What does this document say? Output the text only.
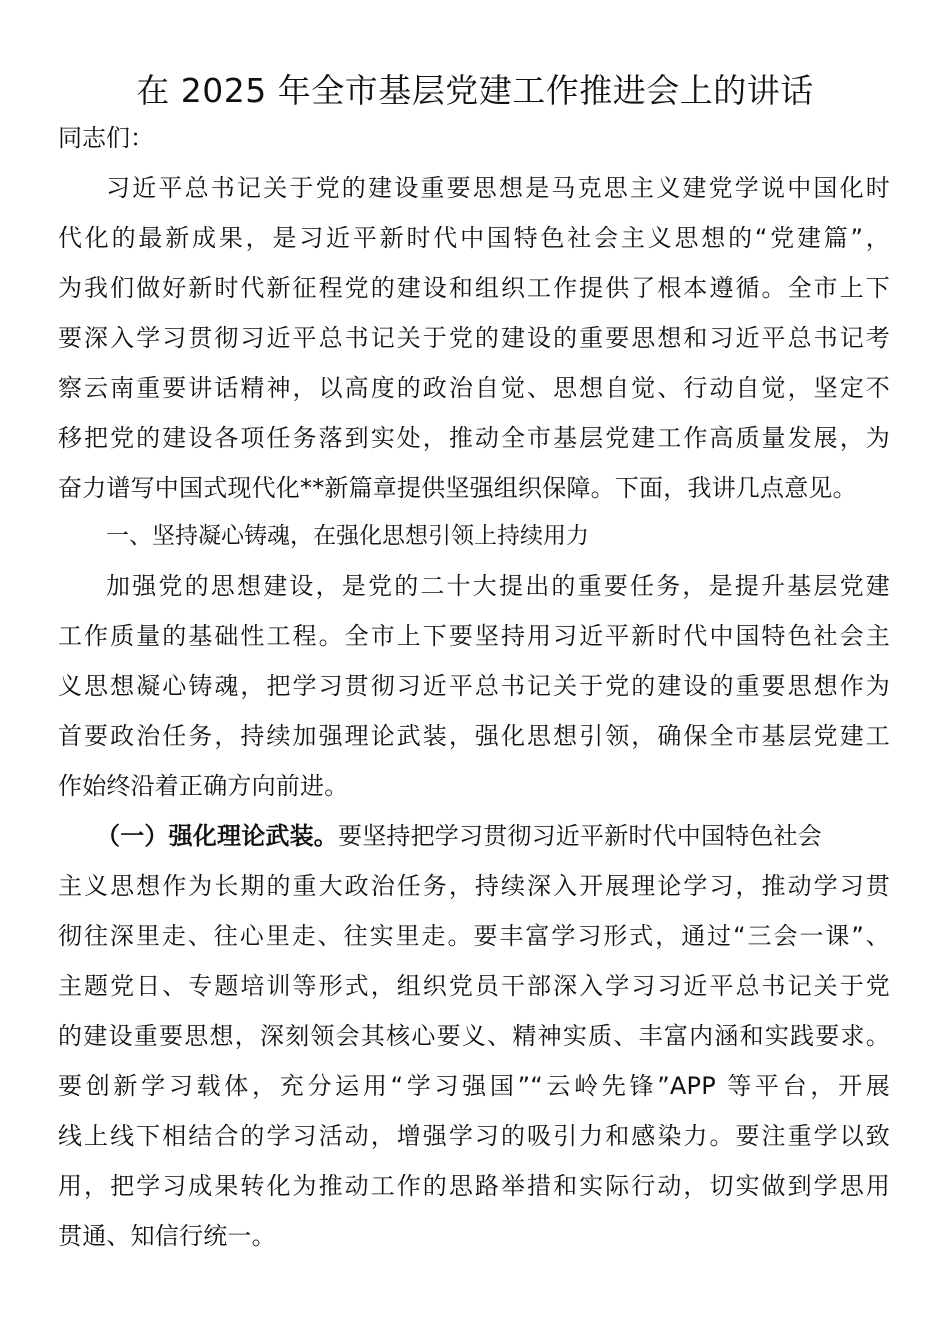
在 2025 年全市基层党建工作推进会上的讲话
同志们：
习近平总书记关于党的建设重要思想是马克思主义建党学说中国化时
代化的最新成果，是习近平新时代中国特色社会主义思想的“党建篇”，
为我们做好新时代新征程党的建设和组织工作提供了根本遵循。全市上下
要深入学习贯彻习近平总书记关于党的建设的重要思想和习近平总书记考
察云南重要讲话精神，以高度的政治自觉、思想自觉、行动自觉，坚定不
移把党的建设各项任务落到实处，推动全市基层党建工作高质量发展，为
奋力谱写中国式现代化**新篇章提供坚强组织保障。下面，我讲几点意见。
一、坚持凝心铸魂，在强化思想引领上持续用力
加强党的思想建设，是党的二十大提出的重要任务，是提升基层党建
工作质量的基础性工程。全市上下要坚持用习近平新时代中国特色社会主
义思想凝心铸魂，把学习贯彻习近平总书记关于党的建设的重要思想作为
首要政治任务，持续加强理论武装，强化思想引领，确保全市基层党建工
作始终沿着正确方向前进。
（一）强化理论武装。要坚持把学习贯彻习近平新时代中国特色社会
主义思想作为长期的重大政治任务，持续深入开展理论学习，推动学习贯
彻往深里走、往心里走、往实里走。要丰富学习形式，通过“三会一课”、
主题党日、专题培训等形式，组织党员干部深入学习习近平总书记关于党
的建设重要思想，深刻领会其核心要义、精神实质、丰富内涵和实践要求。
要创新学习载体，充分运用“学习强国”“云岭先锋”APP 等平台，开展
线上线下相结合的学习活动，增强学习的吸引力和感染力。要注重学以致
用，把学习成果转化为推动工作的思路举措和实际行动，切实做到学思用
贯通、知信行统一。
